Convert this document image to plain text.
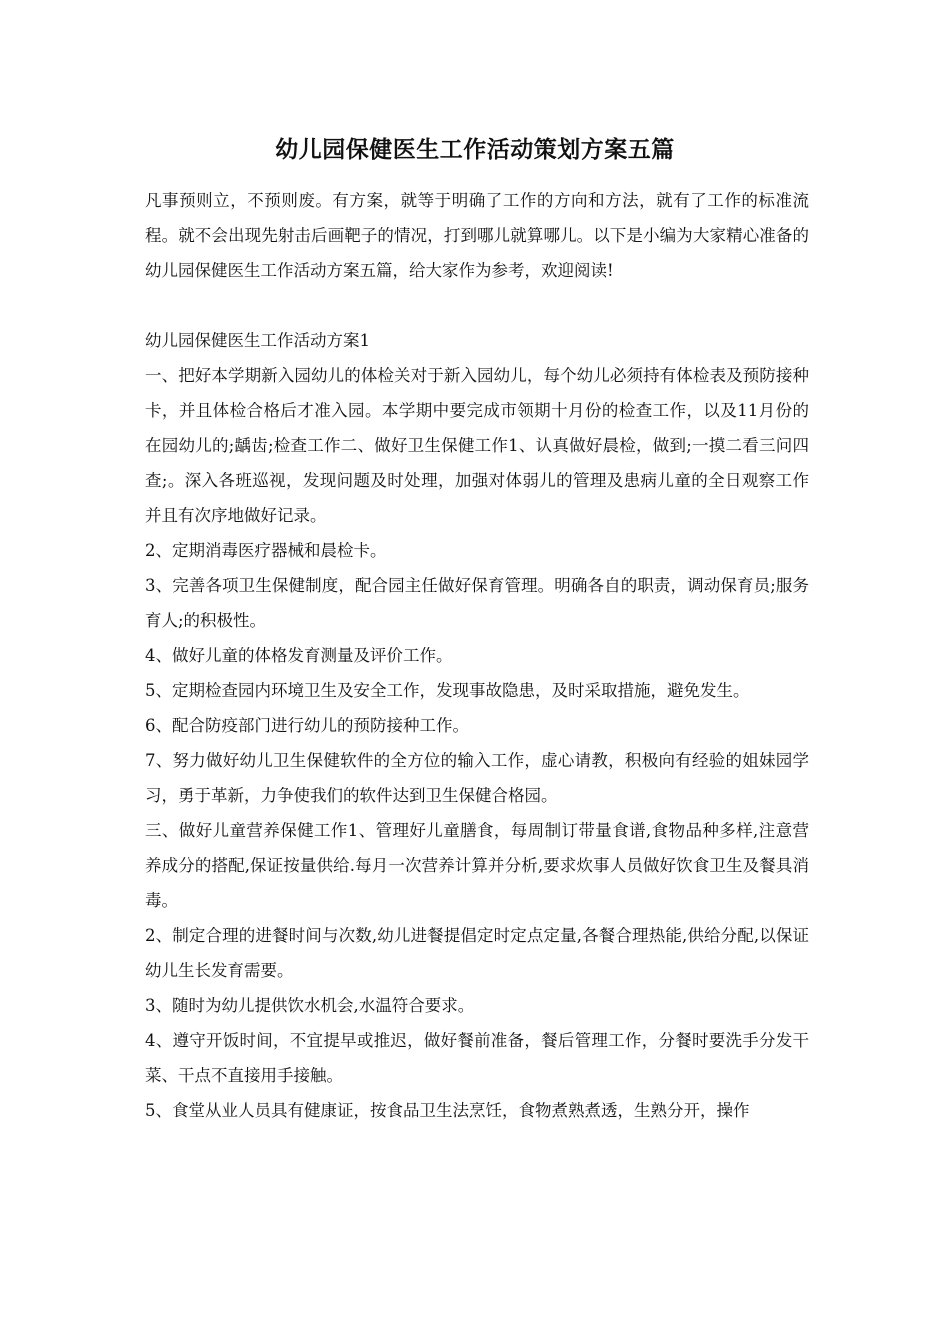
幼儿园保健医生工作活动策划方案五篇

凡事预则立，不预则废。有方案，就等于明确了工作的方向和方法，就有了工作的标准流程。就不会出现先射击后画靶子的情况，打到哪儿就算哪儿。以下是小编为大家精心准备的幼儿园保健医生工作活动方案五篇，给大家作为参考，欢迎阅读!

幼儿园保健医生工作活动方案1

一、把好本学期新入园幼儿的体检关对于新入园幼儿，每个幼儿必须持有体检表及预防接种卡，并且体检合格后才准入园。本学期中要完成市领期十月份的检查工作，以及11月份的在园幼儿的;龋齿;检查工作二、做好卫生保健工作1、认真做好晨检，做到;一摸二看三问四查;。深入各班巡视，发现问题及时处理，加强对体弱儿的管理及患病儿童的全日观察工作并且有次序地做好记录。

2、定期消毒医疗器械和晨检卡。

3、完善各项卫生保健制度，配合园主任做好保育管理。明确各自的职责，调动保育员;服务育人;的积极性。

4、做好儿童的体格发育测量及评价工作。

5、定期检查园内环境卫生及安全工作，发现事故隐患，及时采取措施，避免发生。

6、配合防疫部门进行幼儿的预防接种工作。

7、努力做好幼儿卫生保健软件的全方位的输入工作，虚心请教，积极向有经验的姐妹园学习，勇于革新，力争使我们的软件达到卫生保健合格园。

三、做好儿童营养保健工作1、管理好儿童膳食，每周制订带量食谱,食物品种多样,注意营养成分的搭配,保证按量供给.每月一次营养计算并分析,要求炊事人员做好饮食卫生及餐具消毒。

2、制定合理的进餐时间与次数,幼儿进餐提倡定时定点定量,各餐合理热能,供给分配,以保证幼儿生长发育需要。

3、随时为幼儿提供饮水机会,水温符合要求。

4、遵守开饭时间，不宜提早或推迟，做好餐前准备，餐后管理工作，分餐时要洗手分发干菜、干点不直接用手接触。

5、食堂从业人员具有健康证，按食品卫生法烹饪，食物煮熟煮透，生熟分开，操作
